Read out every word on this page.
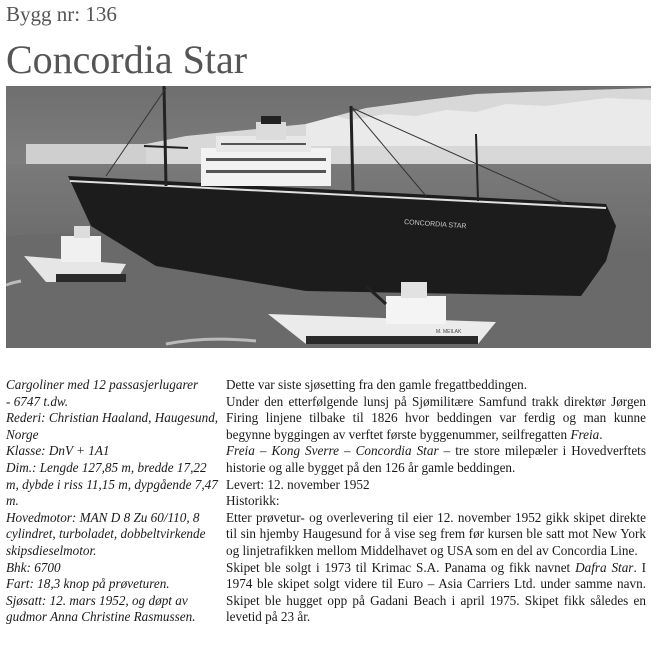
Bygg nr: 136
Concordia Star
CONCORDIA STAR
M. MEILAK

Cargoliner med 12 passasjerlugarer

- 6747 t.dw.

Rederi: Christian Haaland, Haugesund, Norge

Klasse: DnV + 1A1

Dim.: Lengde 127,85 m, bredde 17,22 m, dybde i riss 11,15 m, dypgående 7,47 m.

Hovedmotor: MAN D 8 Zu 60/110, 8 cylindret, turboladet, dobbeltvirkende skipsdieselmotor.

Bhk: 6700

Fart: 18,3 knop på prøveturen.

Sjøsatt: 12. mars 1952, og døpt av gudmor Anna Christine Rasmussen.

Dette var siste sjøsetting fra den gamle fregattbeddingen.

Under den etterfølgende lunsj på Sjømilitære Samfund trakk direktør Jørgen Firing linjene tilbake til 1826 hvor beddingen var ferdig og man kunne begynne byggingen av verftet første byggenummer, seilfregatten Freia.

Freia – Kong Sverre – Concordia Star – tre store milepæler i Hovedverftets historie og alle bygget på den 126 år gamle beddingen.

Levert: 12. november 1952

Historikk:

Etter prøvetur- og overlevering til eier 12. november 1952 gikk skipet direkte til sin hjemby Haugesund for å vise seg frem før kursen ble satt mot New York og linjetrafikken mellom Middelhavet og USA som en del av Concordia Line.

Skipet ble solgt i 1973 til Krimac S.A. Panama og fikk navnet Dafra Star. I 1974 ble skipet solgt videre til Euro – Asia Carriers Ltd. under samme navn. Skipet ble hugget opp på Gadani Beach i april 1975. Skipet fikk således en levetid på 23 år.
